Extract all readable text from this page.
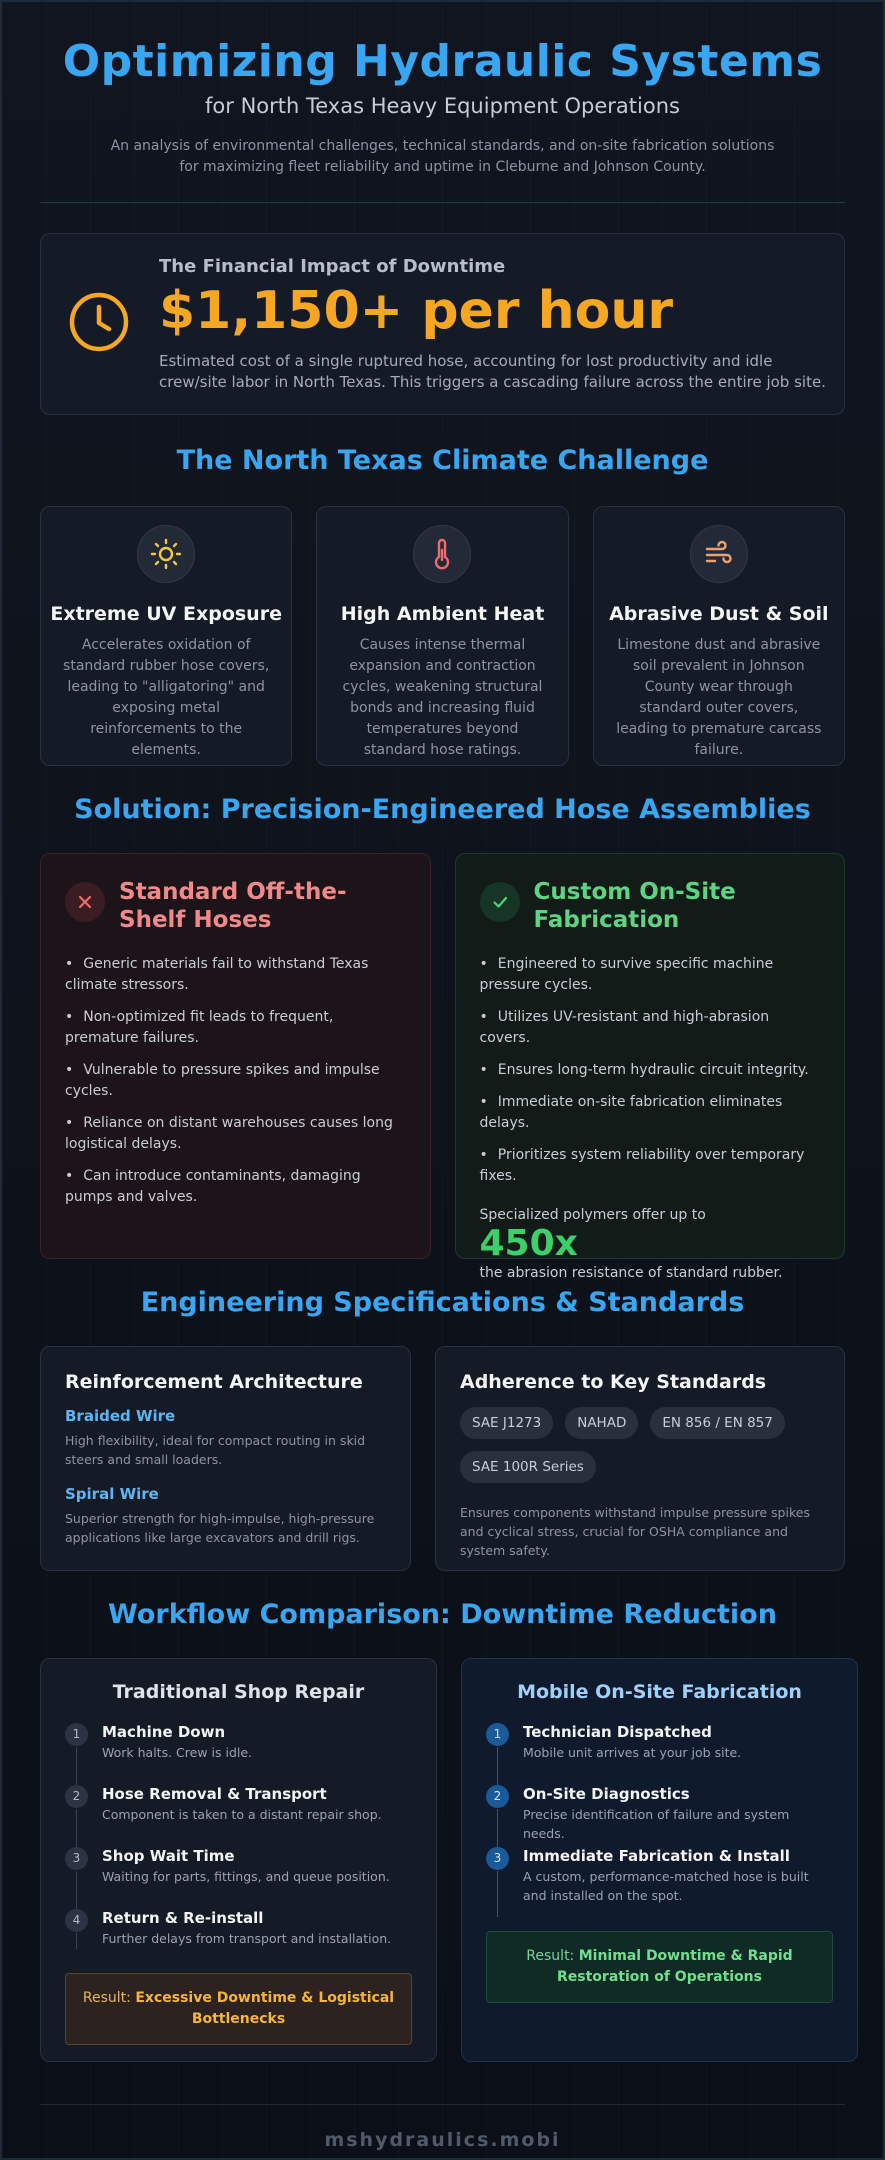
Optimizing Hydraulic Systems
for North Texas Heavy Equipment Operations

An analysis of environmental challenges, technical standards, and on-site fabrication solutions for maximizing fleet reliability and uptime in Cleburne and Johnson County.

The Financial Impact of Downtime
$1,150+ per hour

Estimated cost of a single ruptured hose, accounting for lost productivity and idle crew/site labor in North Texas. This triggers a cascading failure across the entire job site.

The North Texas Climate Challenge
Extreme UV Exposure

Accelerates oxidation of standard rubber hose covers, leading to "alligatoring" and exposing metal reinforcements to the elements.

High Ambient Heat

Causes intense thermal expansion and contraction cycles, weakening structural bonds and increasing fluid temperatures beyond standard hose ratings.

Abrasive Dust & Soil

Limestone dust and abrasive soil prevalent in Johnson County wear through standard outer covers, leading to premature carcass failure.

Solution: Precision-Engineered Hose Assemblies
Standard Off-the-Shelf Hoses
• Generic materials fail to withstand Texas climate stressors.
• Non-optimized fit leads to frequent, premature failures.
• Vulnerable to pressure spikes and impulse cycles.
• Reliance on distant warehouses causes long logistical delays.
• Can introduce contaminants, damaging pumps and valves.
Custom On-Site Fabrication
• Engineered to survive specific machine pressure cycles.
• Utilizes UV-resistant and high-abrasion covers.
• Ensures long-term hydraulic circuit integrity.
• Immediate on-site fabrication eliminates delays.
• Prioritizes system reliability over temporary fixes.
Specialized polymers offer up to
450x
the abrasion resistance of standard rubber.
Engineering Specifications & Standards
Reinforcement Architecture
Braided Wire
High flexibility, ideal for compact routing in skid steers and small loaders.
Spiral Wire
Superior strength for high-impulse, high-pressure applications like large excavators and drill rigs.
Adherence to Key Standards
SAE J1273	NAHAD	EN 856 / EN 857
SAE 100R Series
Ensures components withstand impulse pressure spikes and cyclical stress, crucial for OSHA compliance and system safety.
Workflow Comparison: Downtime Reduction
Traditional Shop Repair
1	Machine Down
Work halts. Crew is idle.
2	Hose Removal & Transport
Component is taken to a distant repair shop.
3	Shop Wait Time
Waiting for parts, fittings, and queue position.
4	Return & Re-install
Further delays from transport and installation.
Result: Excessive Downtime & Logistical Bottlenecks
Mobile On-Site Fabrication
1	Technician Dispatched
Mobile unit arrives at your job site.
2	On-Site Diagnostics
Precise identification of failure and system needs.
3	Immediate Fabrication & Install
A custom, performance-matched hose is built and installed on the spot.
Result: Minimal Downtime & Rapid Restoration of Operations
mshydraulics.mobi
